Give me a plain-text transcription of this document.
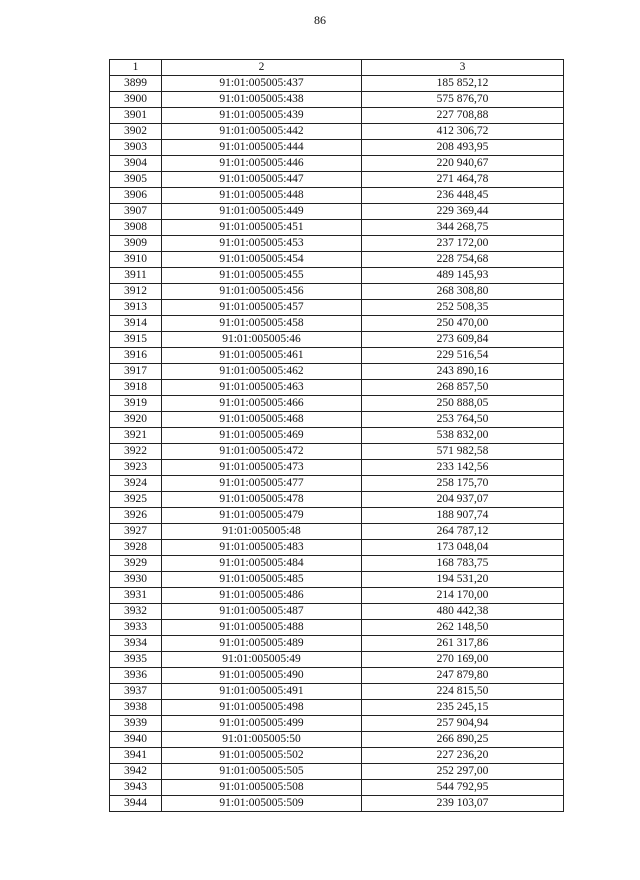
86
1	2	3
3899	91:01:005005:437	185 852,12
3900	91:01:005005:438	575 876,70
3901	91:01:005005:439	227 708,88
3902	91:01:005005:442	412 306,72
3903	91:01:005005:444	208 493,95
3904	91:01:005005:446	220 940,67
3905	91:01:005005:447	271 464,78
3906	91:01:005005:448	236 448,45
3907	91:01:005005:449	229 369,44
3908	91:01:005005:451	344 268,75
3909	91:01:005005:453	237 172,00
3910	91:01:005005:454	228 754,68
3911	91:01:005005:455	489 145,93
3912	91:01:005005:456	268 308,80
3913	91:01:005005:457	252 508,35
3914	91:01:005005:458	250 470,00
3915	91:01:005005:46	273 609,84
3916	91:01:005005:461	229 516,54
3917	91:01:005005:462	243 890,16
3918	91:01:005005:463	268 857,50
3919	91:01:005005:466	250 888,05
3920	91:01:005005:468	253 764,50
3921	91:01:005005:469	538 832,00
3922	91:01:005005:472	571 982,58
3923	91:01:005005:473	233 142,56
3924	91:01:005005:477	258 175,70
3925	91:01:005005:478	204 937,07
3926	91:01:005005:479	188 907,74
3927	91:01:005005:48	264 787,12
3928	91:01:005005:483	173 048,04
3929	91:01:005005:484	168 783,75
3930	91:01:005005:485	194 531,20
3931	91:01:005005:486	214 170,00
3932	91:01:005005:487	480 442,38
3933	91:01:005005:488	262 148,50
3934	91:01:005005:489	261 317,86
3935	91:01:005005:49	270 169,00
3936	91:01:005005:490	247 879,80
3937	91:01:005005:491	224 815,50
3938	91:01:005005:498	235 245,15
3939	91:01:005005:499	257 904,94
3940	91:01:005005:50	266 890,25
3941	91:01:005005:502	227 236,20
3942	91:01:005005:505	252 297,00
3943	91:01:005005:508	544 792,95
3944	91:01:005005:509	239 103,07
